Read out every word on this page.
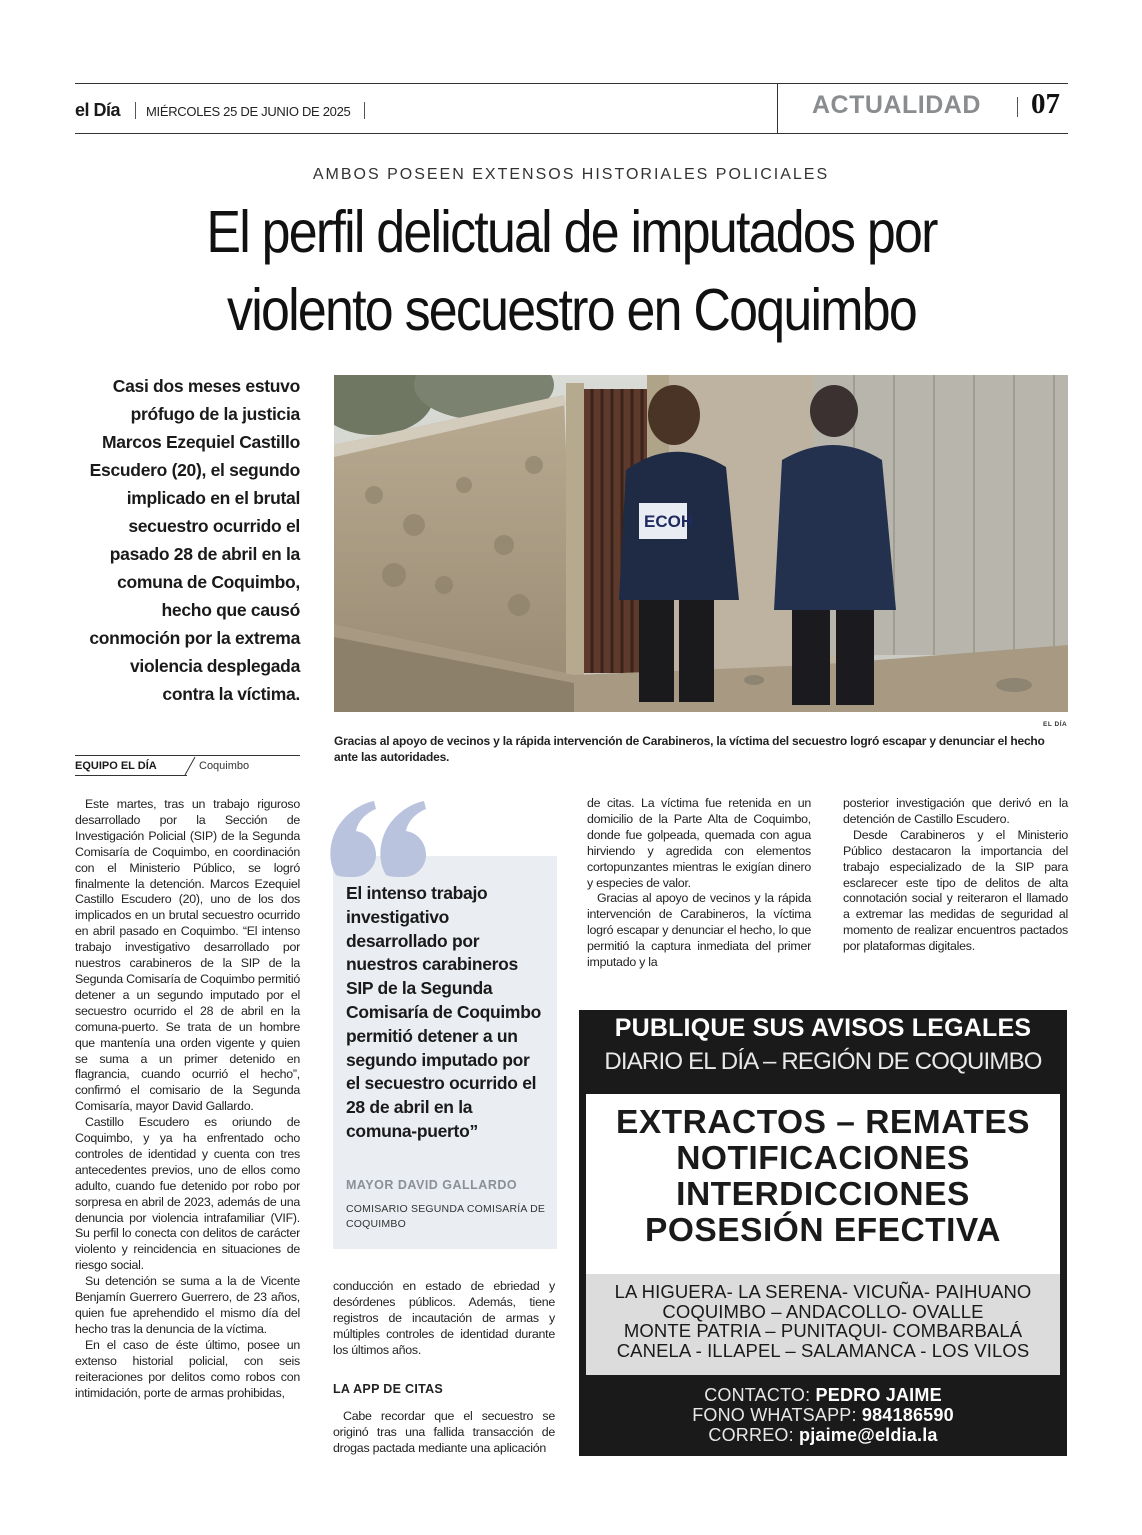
el Día MIÉRCOLES 25 DE JUNIO DE 2025	ACTUALIDAD 07
AMBOS POSEEN EXTENSOS HISTORIALES POLICIALES
El perfil delictual de imputados por
violento secuestro en Coquimbo
Casi dos meses estuvo prófugo de la justicia Marcos Ezequiel Castillo Escudero (20), el segundo implicado en el brutal secuestro ocurrido el pasado 28 de abril en la comuna de Coquimbo, hecho que causó conmoción por la extrema violencia desplegada contra la víctima.
ECOH
EL DÍA
Gracias al apoyo de vecinos y la rápida intervención de Carabineros, la víctima del secuestro logró escapar y denunciar el hecho ante las autoridades.
EQUIPO EL DÍA	Coquimbo

Este martes, tras un trabajo riguroso desarrollado por la Sección de Investigación Policial (SIP) de la Segunda Comisaría de Coquimbo, en coordinación con el Ministerio Público, se logró finalmente la detención. Marcos Ezequiel Castillo Escudero (20), uno de los dos implicados en un brutal secuestro ocurrido en abril pasado en Coquimbo. “El intenso trabajo investigativo desarrollado por nuestros carabineros de la SIP de la Segunda Comisaría de Coquimbo permitió detener a un segundo imputado por el secuestro ocurrido el 28 de abril en la comuna-puerto. Se trata de un hombre que mantenía una orden vigente y quien se suma a un primer detenido en flagrancia, cuando ocurrió el hecho”, confirmó el comisario de la Segunda Comisaría, mayor David Gallardo.

Castillo Escudero es oriundo de Coquimbo, y ya ha enfrentado ocho controles de identidad y cuenta con tres antecedentes previos, uno de ellos como adulto, cuando fue detenido por robo por sorpresa en abril de 2023, además de una denuncia por violencia intrafamiliar (VIF). Su perfil lo conecta con delitos de carácter violento y reincidencia en situaciones de riesgo social.

Su detención se suma a la de Vicente Benjamín Guerrero Guerrero, de 23 años, quien fue aprehendido el mismo día del hecho tras la denuncia de la víctima.

En el caso de éste último, posee un extenso historial policial, con seis reiteraciones por delitos como robos con intimidación, porte de armas prohibidas,

El intenso trabajo investigativo desarrollado por nuestros carabineros SIP de la Segunda Comisaría de Coquimbo permitió detener a un segundo imputado por el secuestro ocurrido el 28 de abril en la comuna-puerto”
MAYOR DAVID GALLARDO
COMISARIO SEGUNDA COMISARÍA DE COQUIMBO

conducción en estado de ebriedad y desórdenes públicos. Además, tiene registros de incautación de armas y múltiples controles de identidad durante los últimos años.

LA APP DE CITAS

Cabe recordar que el secuestro se originó tras una fallida transacción de drogas pactada mediante una aplicación

de citas. La víctima fue retenida en un domicilio de la Parte Alta de Coquimbo, donde fue golpeada, quemada con agua hirviendo y agredida con elementos cortopunzantes mientras le exigían dinero y especies de valor.

Gracias al apoyo de vecinos y la rápida intervención de Carabineros, la víctima logró escapar y denunciar el hecho, lo que permitió la captura inmediata del primer imputado y la

posterior investigación que derivó en la detención de Castillo Escudero.

Desde Carabineros y el Ministerio Público destacaron la importancia del trabajo especializado de la SIP para esclarecer este tipo de delitos de alta connotación social y reiteraron el llamado a extremar las medidas de seguridad al momento de realizar encuentros pactados por plataformas digitales.

PUBLIQUE SUS AVISOS LEGALES
DIARIO EL DÍA – REGIÓN DE COQUIMBO
EXTRACTOS – REMATES
NOTIFICACIONES
INTERDICCIONES
POSESIÓN EFECTIVA
LA HIGUERA- LA SERENA- VICUÑA- PAIHUANO
COQUIMBO – ANDACOLLO- OVALLE
MONTE PATRIA – PUNITAQUI- COMBARBALÁ
CANELA - ILLAPEL – SALAMANCA - LOS VILOS
CONTACTO: PEDRO JAIME
FONO WHATSAPP: 984186590
CORREO: pjaime@eldia.la
